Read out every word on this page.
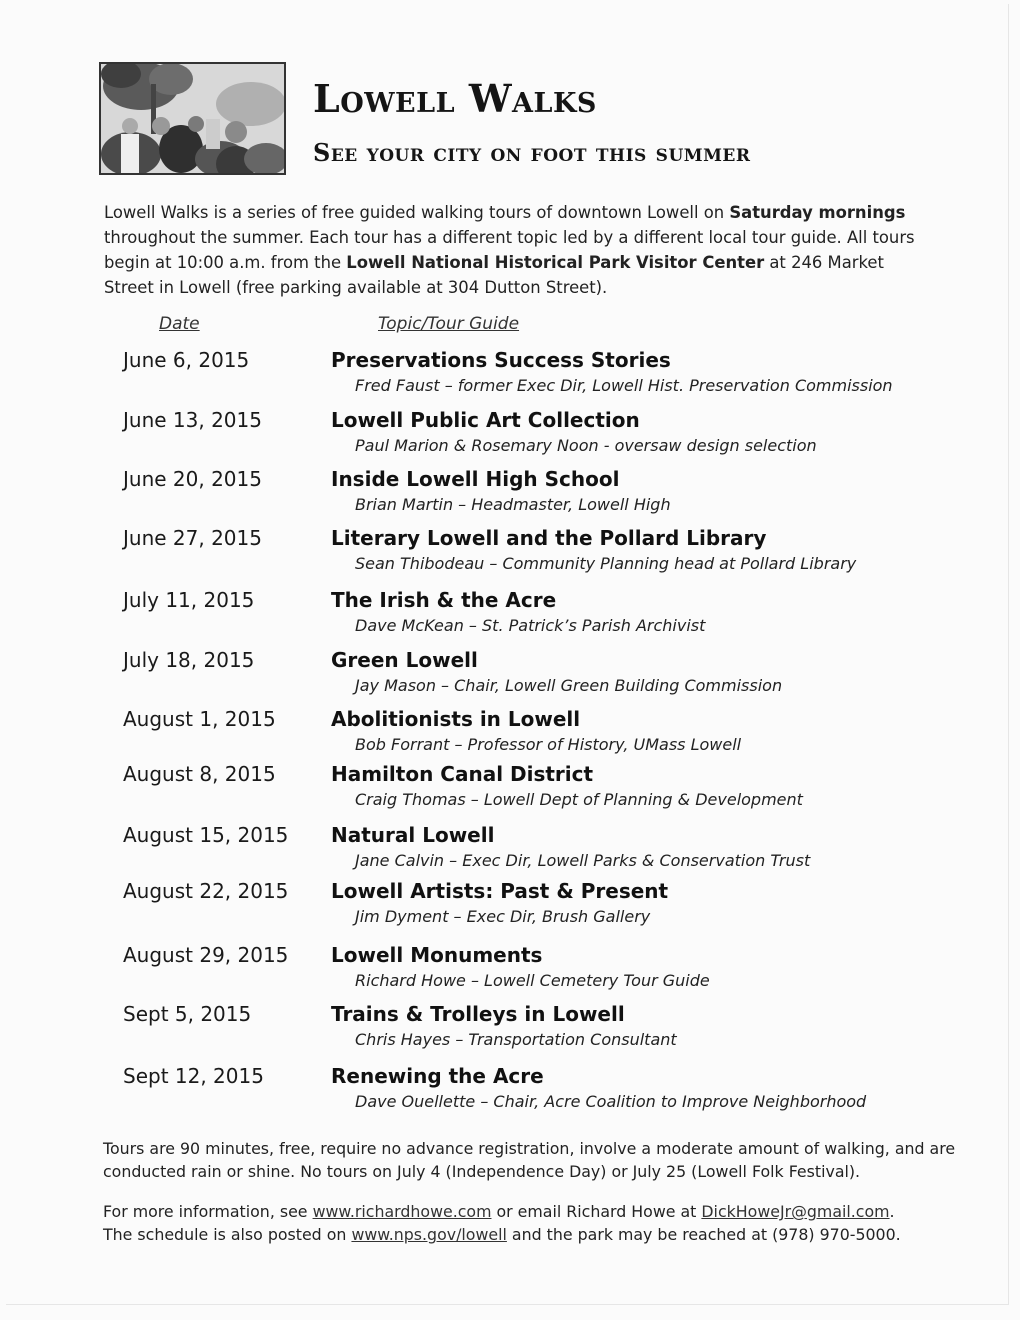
Lowell Walks
See your city on foot this summer
Lowell Walks is a series of free guided walking tours of downtown Lowell on Saturday mornings throughout the summer. Each tour has a different topic led by a different local tour guide. All tours begin at 10:00 a.m. from the Lowell National Historical Park Visitor Center at 246 Market Street in Lowell (free parking available at 304 Dutton Street).
Date	Topic/Tour Guide
June 6, 2015	Preservations Success Stories
Fred Faust – former Exec Dir, Lowell Hist. Preservation Commission
June 13, 2015	Lowell Public Art Collection
Paul Marion & Rosemary Noon - oversaw design selection
June 20, 2015	Inside Lowell High School
Brian Martin – Headmaster, Lowell High
June 27, 2015	Literary Lowell and the Pollard Library
Sean Thibodeau – Community Planning head at Pollard Library
July 11, 2015	The Irish & the Acre
Dave McKean – St. Patrick’s Parish Archivist
July 18, 2015	Green Lowell
Jay Mason – Chair, Lowell Green Building Commission
August 1, 2015	Abolitionists in Lowell
Bob Forrant – Professor of History, UMass Lowell
August 8, 2015	Hamilton Canal District
Craig Thomas – Lowell Dept of Planning & Development
August 15, 2015 Natural Lowell
Jane Calvin – Exec Dir, Lowell Parks & Conservation Trust
August 22, 2015 Lowell Artists: Past & Present
Jim Dyment – Exec Dir, Brush Gallery
August 29, 2015 Lowell Monuments
Richard Howe – Lowell Cemetery Tour Guide
Sept 5, 2015	Trains & Trolleys in Lowell
Chris Hayes – Transportation Consultant
Sept 12, 2015	Renewing the Acre
Dave Ouellette – Chair, Acre Coalition to Improve Neighborhood
Tours are 90 minutes, free, require no advance registration, involve a moderate amount of walking, and are conducted rain or shine. No tours on July 4 (Independence Day) or July 25 (Lowell Folk Festival).
For more information, see www.richardhowe.com or email Richard Howe at DickHoweJr@gmail.com.
The schedule is also posted on www.nps.gov/lowell and the park may be reached at (978) 970-5000.
